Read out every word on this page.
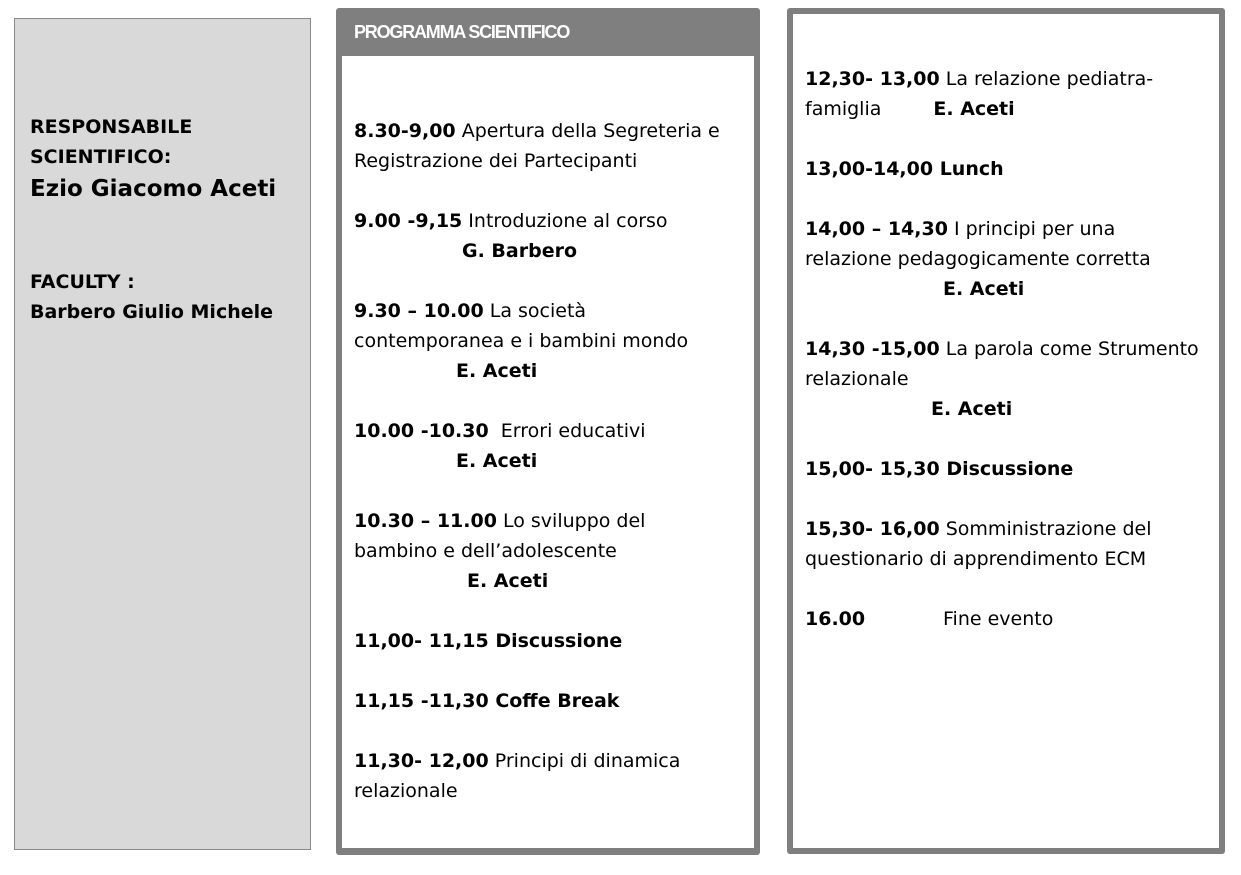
RESPONSABILE SCIENTIFICO:
Ezio Giacomo Aceti
FACULTY :
Barbero Giulio Michele
PROGRAMMA SCIENTIFICO
8.30-9,00 Apertura della Segreteria e
Registrazione dei Partecipanti
9.00 -9,15 Introduzione al corso
G. Barbero
9.30 – 10.00 La società
contemporanea e i bambini mondo
E. Aceti
10.00 -10.30  Errori educativi
E. Aceti
10.30 – 11.00 Lo sviluppo del
bambino e dell’adolescente
E. Aceti
11,00- 11,15 Discussione
11,15 -11,30 Coffe Break
11,30- 12,00 Principi di dinamica
relazionale
12,30- 13,00 La relazione pediatra-
famiglia	E. Aceti
13,00-14,00 Lunch
14,00 – 14,30 I principi per una
relazione pedagogicamente corretta
E. Aceti
14,30 -15,00 La parola come Strumento
relazionale
E. Aceti
15,00- 15,30 Discussione
15,30- 16,00 Somministrazione del
questionario di apprendimento ECM
16.00	Fine evento
